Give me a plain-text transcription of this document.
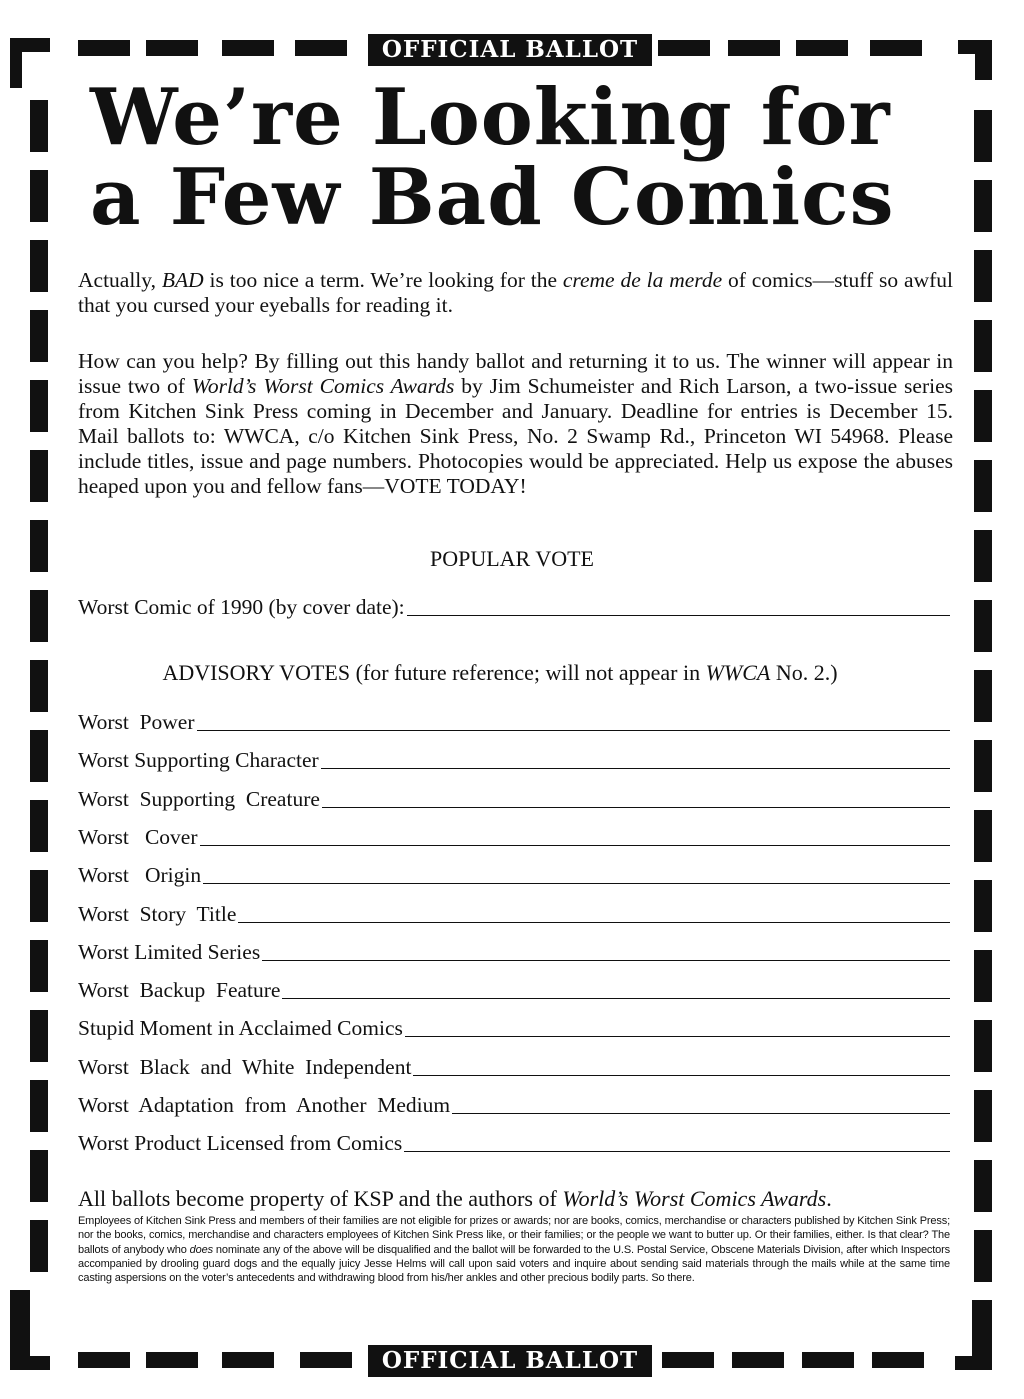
OFFICIAL BALLOT
OFFICIAL BALLOT
We’re Looking for
a Few Bad Comics
Actually, BAD is too nice a term. We’re looking for the creme de la merde of comics—stuff so awful that you cursed your eyeballs for reading it.
How can you help? By filling out this handy ballot and returning it to us. The winner will appear in issue two of World’s Worst Comics Awards by Jim Schumeister and Rich Larson, a two-issue series from Kitchen Sink Press coming in December and January. Deadline for entries is December 15. Mail ballots to: WWCA, c/o Kitchen Sink Press, No. 2 Swamp Rd., Princeton WI 54968. Please include titles, issue and page numbers. Photocopies would be appreciated. Help us expose the abuses heaped upon you and fellow fans—VOTE TODAY!
POPULAR VOTE
Worst Comic of 1990 (by cover date):
ADVISORY VOTES (for future reference; will not appear in WWCA No. 2.)
Worst  Power
Worst Supporting Character
Worst  Supporting  Creature
Worst   Cover
Worst   Origin
Worst  Story  Title
Worst Limited Series
Worst  Backup  Feature
Stupid Moment in Acclaimed Comics
Worst  Black  and  White  Independent
Worst  Adaptation  from  Another  Medium
Worst Product Licensed from Comics
All ballots become property of KSP and the authors of World’s Worst Comics Awards.
Employees of Kitchen Sink Press and members of their families are not eligible for prizes or awards; nor are books, comics, merchandise or characters published by Kitchen Sink Press; nor the books, comics, merchandise and characters employees of Kitchen Sink Press like, or their families; or the people we want to butter up. Or their families, either. Is that clear? The ballots of anybody who does nominate any of the above will be disqualified and the ballot will be forwarded to the U.S. Postal Service, Obscene Materials Division, after which Inspectors accompanied by drooling guard dogs and the equally juicy Jesse Helms will call upon said voters and inquire about sending said materials through the mails while at the same time casting aspersions on the voter’s antecedents and withdrawing blood from his/her ankles and other precious bodily parts. So there.
